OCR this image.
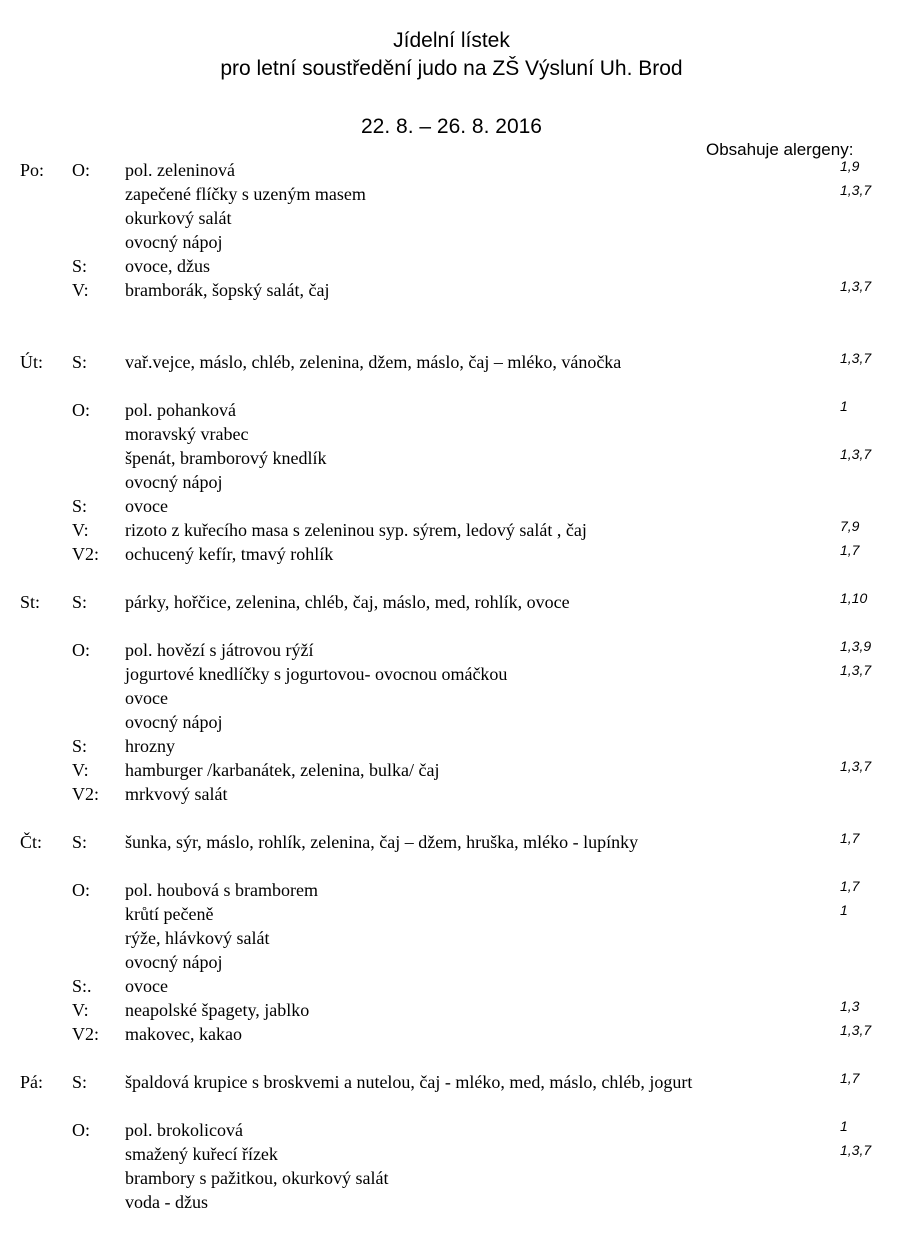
Jídelní lístek
pro letní soustředění judo na ZŠ Výsluní Uh. Brod
22. 8. – 26. 8. 2016
Obsahuje alergeny:
Po: O: pol. zeleninová	1,9
zapečené flíčky s uzeným masem	1,3,7
okurkový salát
ovocný nápoj
S: ovoce, džus
V: bramborák, šopský salát, čaj	1,3,7
Út: S: vař.vejce, máslo, chléb, zelenina, džem, máslo, čaj – mléko, vánočka	1,3,7
O: pol. pohanková	1
moravský vrabec
špenát, bramborový knedlík	1,3,7
ovocný nápoj
S: ovoce
V: rizoto z kuřecího masa s zeleninou syp. sýrem, ledový salát , čaj	7,9
V2: ochucený kefír, tmavý rohlík	1,7
St: S: párky, hořčice, zelenina, chléb, čaj, máslo, med, rohlík, ovoce	1,10
O: pol. hovězí s játrovou rýží	1,3,9
jogurtové knedlíčky s jogurtovou- ovocnou omáčkou	1,3,7
ovoce
ovocný nápoj
S: hrozny
V: hamburger /karbanátek, zelenina, bulka/ čaj	1,3,7
V2: mrkvový salát
Čt: S: šunka, sýr, máslo, rohlík, zelenina, čaj – džem, hruška, mléko - lupínky	1,7
O: pol. houbová s bramborem	1,7
krůtí pečeně	1
rýže, hlávkový salát
ovocný nápoj
S:. ovoce
V: neapolské špagety, jablko	1,3
V2: makovec, kakao	1,3,7
Pá: S: špaldová krupice s broskvemi a nutelou, čaj - mléko, med, máslo, chléb, jogurt	1,7
O: pol. brokolicová	1
smažený kuřecí řízek	1,3,7
brambory s pažitkou, okurkový salát
voda - džus
